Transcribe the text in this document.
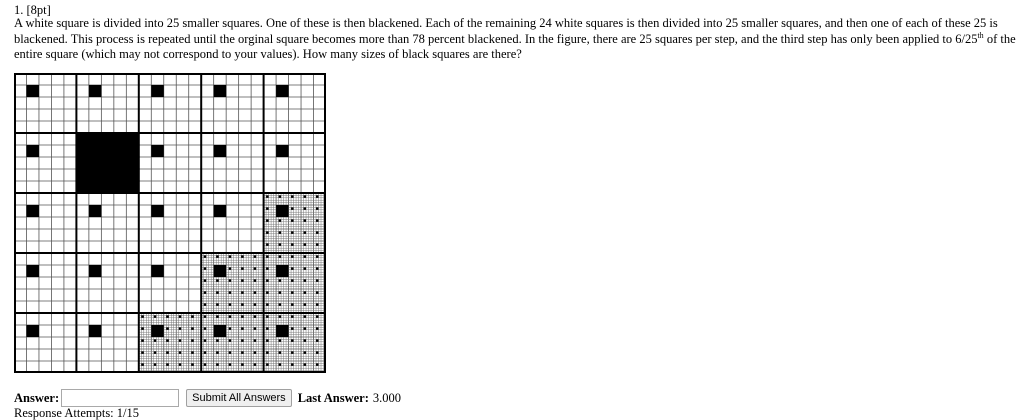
1. [8pt]
A white square is divided into 25 smaller squares. One of these is then blackened. Each of the remaining 24 white squares is then divided into 25 smaller squares, and then one of each of these 25 is blackened. This process is repeated until the orginal square becomes more than 78 percent blackened. In the figure, there are 25 squares per step, and the third step has only been applied to 6/25th of the entire square (which may not correspond to your values). How many sizes of black squares are there?
Answer:	Submit All Answers Last Answer: 3.000
Response Attempts: 1/15
